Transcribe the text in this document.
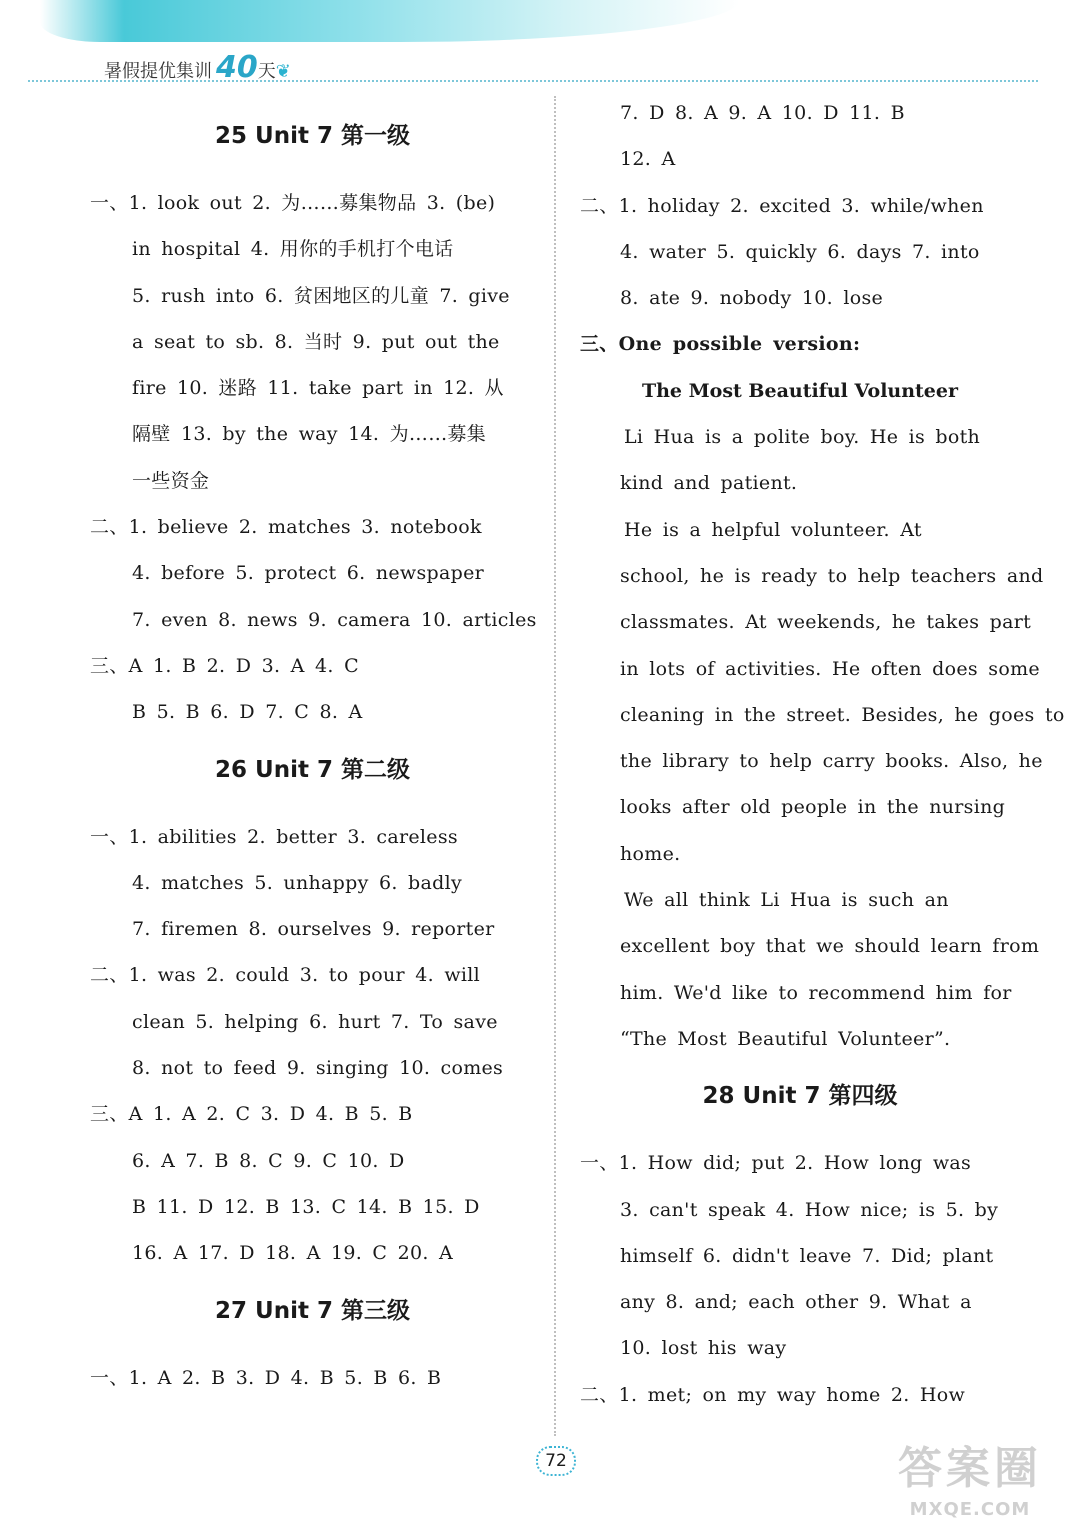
暑假提优集训 40天❦
25 Unit 7 第一级
一、1. look out 2. 为……募集物品 3. (be)
in hospital 4. 用你的手机打个电话
5. rush into 6. 贫困地区的儿童 7. give
a seat to sb. 8. 当时 9. put out the
fire 10. 迷路 11. take part in 12. 从
隔壁 13. by the way 14. 为……募集
一些资金
二、1. believe 2. matches 3. notebook
4. before 5. protect 6. newspaper
7. even 8. news 9. camera 10. articles
三、A 1. B 2. D 3. A 4. C
B 5. B 6. D 7. C 8. A
26 Unit 7 第二级
一、1. abilities 2. better 3. careless
4. matches 5. unhappy 6. badly
7. firemen 8. ourselves 9. reporter
二、1. was 2. could 3. to pour 4. will
clean 5. helping 6. hurt 7. To save
8. not to feed 9. singing 10. comes
三、A 1. A 2. C 3. D 4. B 5. B
6. A 7. B 8. C 9. C 10. D
B 11. D 12. B 13. C 14. B 15. D
16. A 17. D 18. A 19. C 20. A
27 Unit 7 第三级
一、1. A 2. B 3. D 4. B 5. B 6. B
7. D 8. A 9. A 10. D 11. B
12. A
二、1. holiday 2. excited 3. while/when
4. water 5. quickly 6. days 7. into
8. ate 9. nobody 10. lose
三、One possible version:
The Most Beautiful Volunteer
Li Hua is a polite boy. He is both
kind and patient.
He is a helpful volunteer. At
school, he is ready to help teachers and
classmates. At weekends, he takes part
in lots of activities. He often does some
cleaning in the street. Besides, he goes to
the library to help carry books. Also, he
looks after old people in the nursing
home.
We all think Li Hua is such an
excellent boy that we should learn from
him. We'd like to recommend him for
“The Most Beautiful Volunteer”.
28 Unit 7 第四级
一、1. How did; put 2. How long was
3. can't speak 4. How nice; is 5. by
himself 6. didn't leave 7. Did; plant
any 8. and; each other 9. What a
10. lost his way
二、1. met; on my way home 2. How
72	答案圈
MXQE.COM
